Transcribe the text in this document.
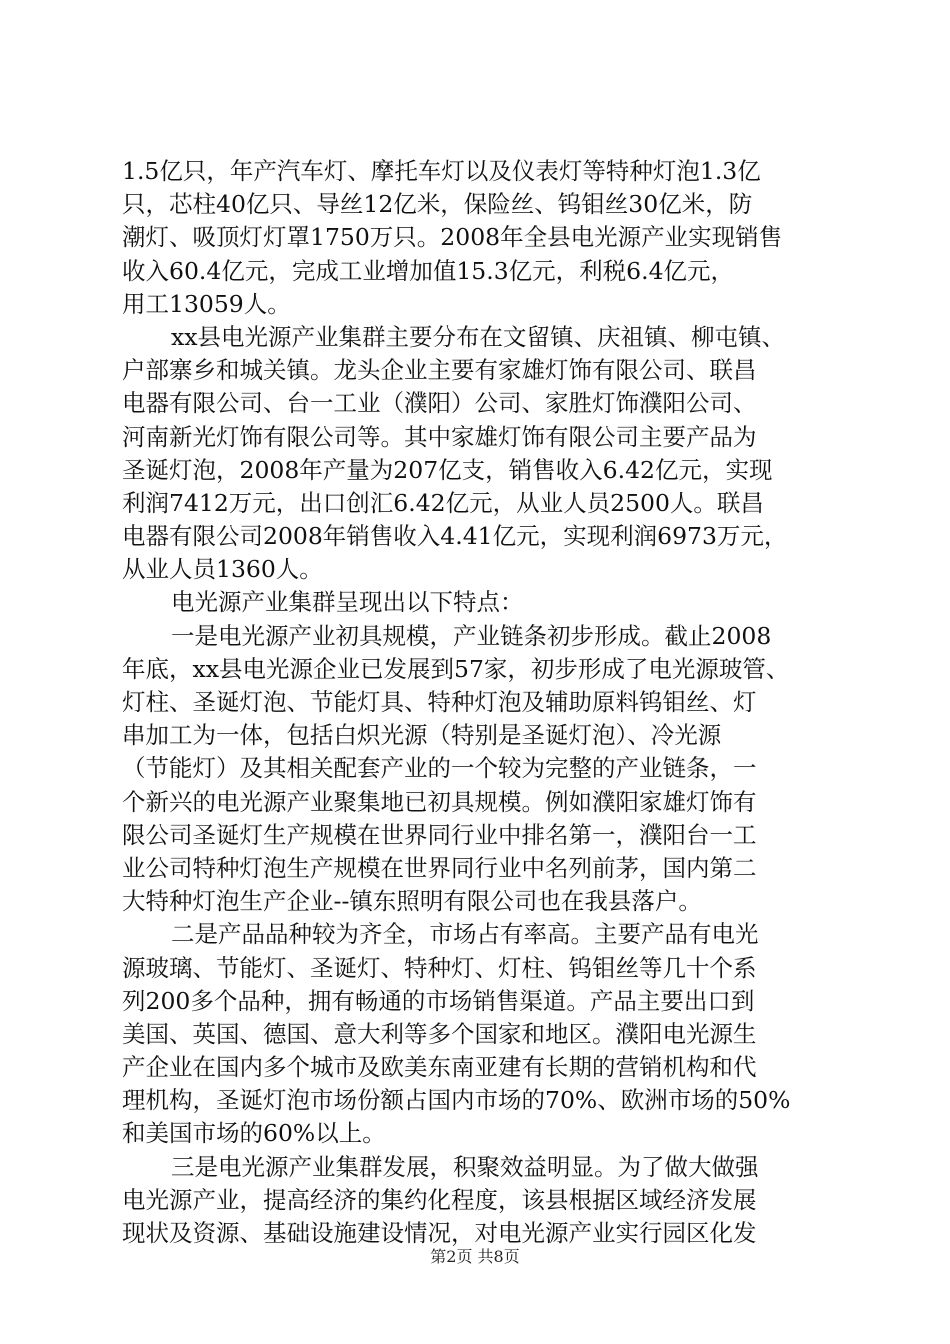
1.5亿只，年产汽车灯、摩托车灯以及仪表灯等特种灯泡1.3亿
只，芯柱40亿只、导丝12亿米，保险丝、钨钼丝30亿米，防
潮灯、吸顶灯灯罩1750万只。2008年全县电光源产业实现销售
收入60.4亿元，完成工业增加值15.3亿元，利税6.4亿元，
用工13059人。
xx县电光源产业集群主要分布在文留镇、庆祖镇、柳屯镇、
户部寨乡和城关镇。龙头企业主要有家雄灯饰有限公司、联昌
电器有限公司、台一工业（濮阳）公司、家胜灯饰濮阳公司、
河南新光灯饰有限公司等。其中家雄灯饰有限公司主要产品为
圣诞灯泡，2008年产量为207亿支，销售收入6.42亿元，实现
利润7412万元，出口创汇6.42亿元，从业人员2500人。联昌
电器有限公司2008年销售收入4.41亿元，实现利润6973万元，
从业人员1360人。
电光源产业集群呈现出以下特点：
一是电光源产业初具规模，产业链条初步形成。截止2008
年底，xx县电光源企业已发展到57家，初步形成了电光源玻管、
灯柱、圣诞灯泡、节能灯具、特种灯泡及辅助原料钨钼丝、灯
串加工为一体，包括白炽光源（特别是圣诞灯泡）、冷光源
（节能灯）及其相关配套产业的一个较为完整的产业链条，一
个新兴的电光源产业聚集地已初具规模。例如濮阳家雄灯饰有
限公司圣诞灯生产规模在世界同行业中排名第一，濮阳台一工
业公司特种灯泡生产规模在世界同行业中名列前茅，国内第二
大特种灯泡生产企业--镇东照明有限公司也在我县落户。
二是产品品种较为齐全，市场占有率高。主要产品有电光
源玻璃、节能灯、圣诞灯、特种灯、灯柱、钨钼丝等几十个系
列200多个品种，拥有畅通的市场销售渠道。产品主要出口到
美国、英国、德国、意大利等多个国家和地区。濮阳电光源生
产企业在国内多个城市及欧美东南亚建有长期的营销机构和代
理机构，圣诞灯泡市场份额占国内市场的70%、欧洲市场的50%
和美国市场的60%以上。
三是电光源产业集群发展，积聚效益明显。为了做大做强
电光源产业，提高经济的集约化程度，该县根据区域经济发展
现状及资源、基础设施建设情况，对电光源产业实行园区化发
第2页 共8页
